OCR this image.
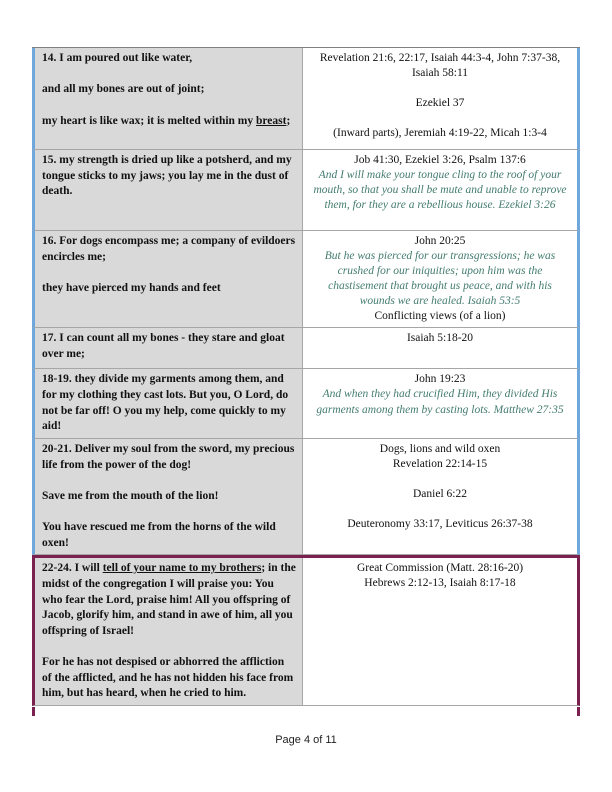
14. I am poured out like water,

and all my bones are out of joint;

my heart is like wax; it is melted within my breast;

Revelation 21:6, 22:17, Isaiah 44:3-4, John 7:37-38, Isaiah 58:11

Ezekiel 37

(Inward parts), Jeremiah 4:19-22, Micah 1:3-4

15. my strength is dried up like a potsherd, and my tongue sticks to my jaws; you lay me in the dust of death.

Job 41:30, Ezekiel 3:26, Psalm 137:6

And I will make your tongue cling to the roof of your mouth, so that you shall be mute and unable to reprove them, for they are a rebellious house. Ezekiel 3:26

16. For dogs encompass me; a company of evildoers encircles me;

they have pierced my hands and feet

John 20:25

But he was pierced for our transgressions; he was crushed for our iniquities; upon him was the chastisement that brought us peace, and with his wounds we are healed. Isaiah 53:5

Conflicting views (of a lion)

17. I can count all my bones - they stare and gloat over me;

Isaiah 5:18-20

18-19. they divide my garments among them, and for my clothing they cast lots. But you, O Lord, do not be far off! O you my help, come quickly to my aid!

John 19:23

And when they had crucified Him, they divided His garments among them by casting lots. Matthew 27:35

20-21. Deliver my soul from the sword, my precious life from the power of the dog!

Save me from the mouth of the lion!

You have rescued me from the horns of the wild oxen!

Dogs, lions and wild oxen

Revelation 22:14-15

Daniel 6:22

Deuteronomy 33:17, Leviticus 26:37-38

22-24. I will tell of your name to my brothers; in the midst of the congregation I will praise you: You who fear the Lord, praise him! All you offspring of Jacob, glorify him, and stand in awe of him, all you offspring of Israel!

For he has not despised or abhorred the affliction of the afflicted, and he has not hidden his face from him, but has heard, when he cried to him.

Great Commission (Matt. 28:16-20)

Hebrews 2:12-13, Isaiah 8:17-18

Page 4 of 11
